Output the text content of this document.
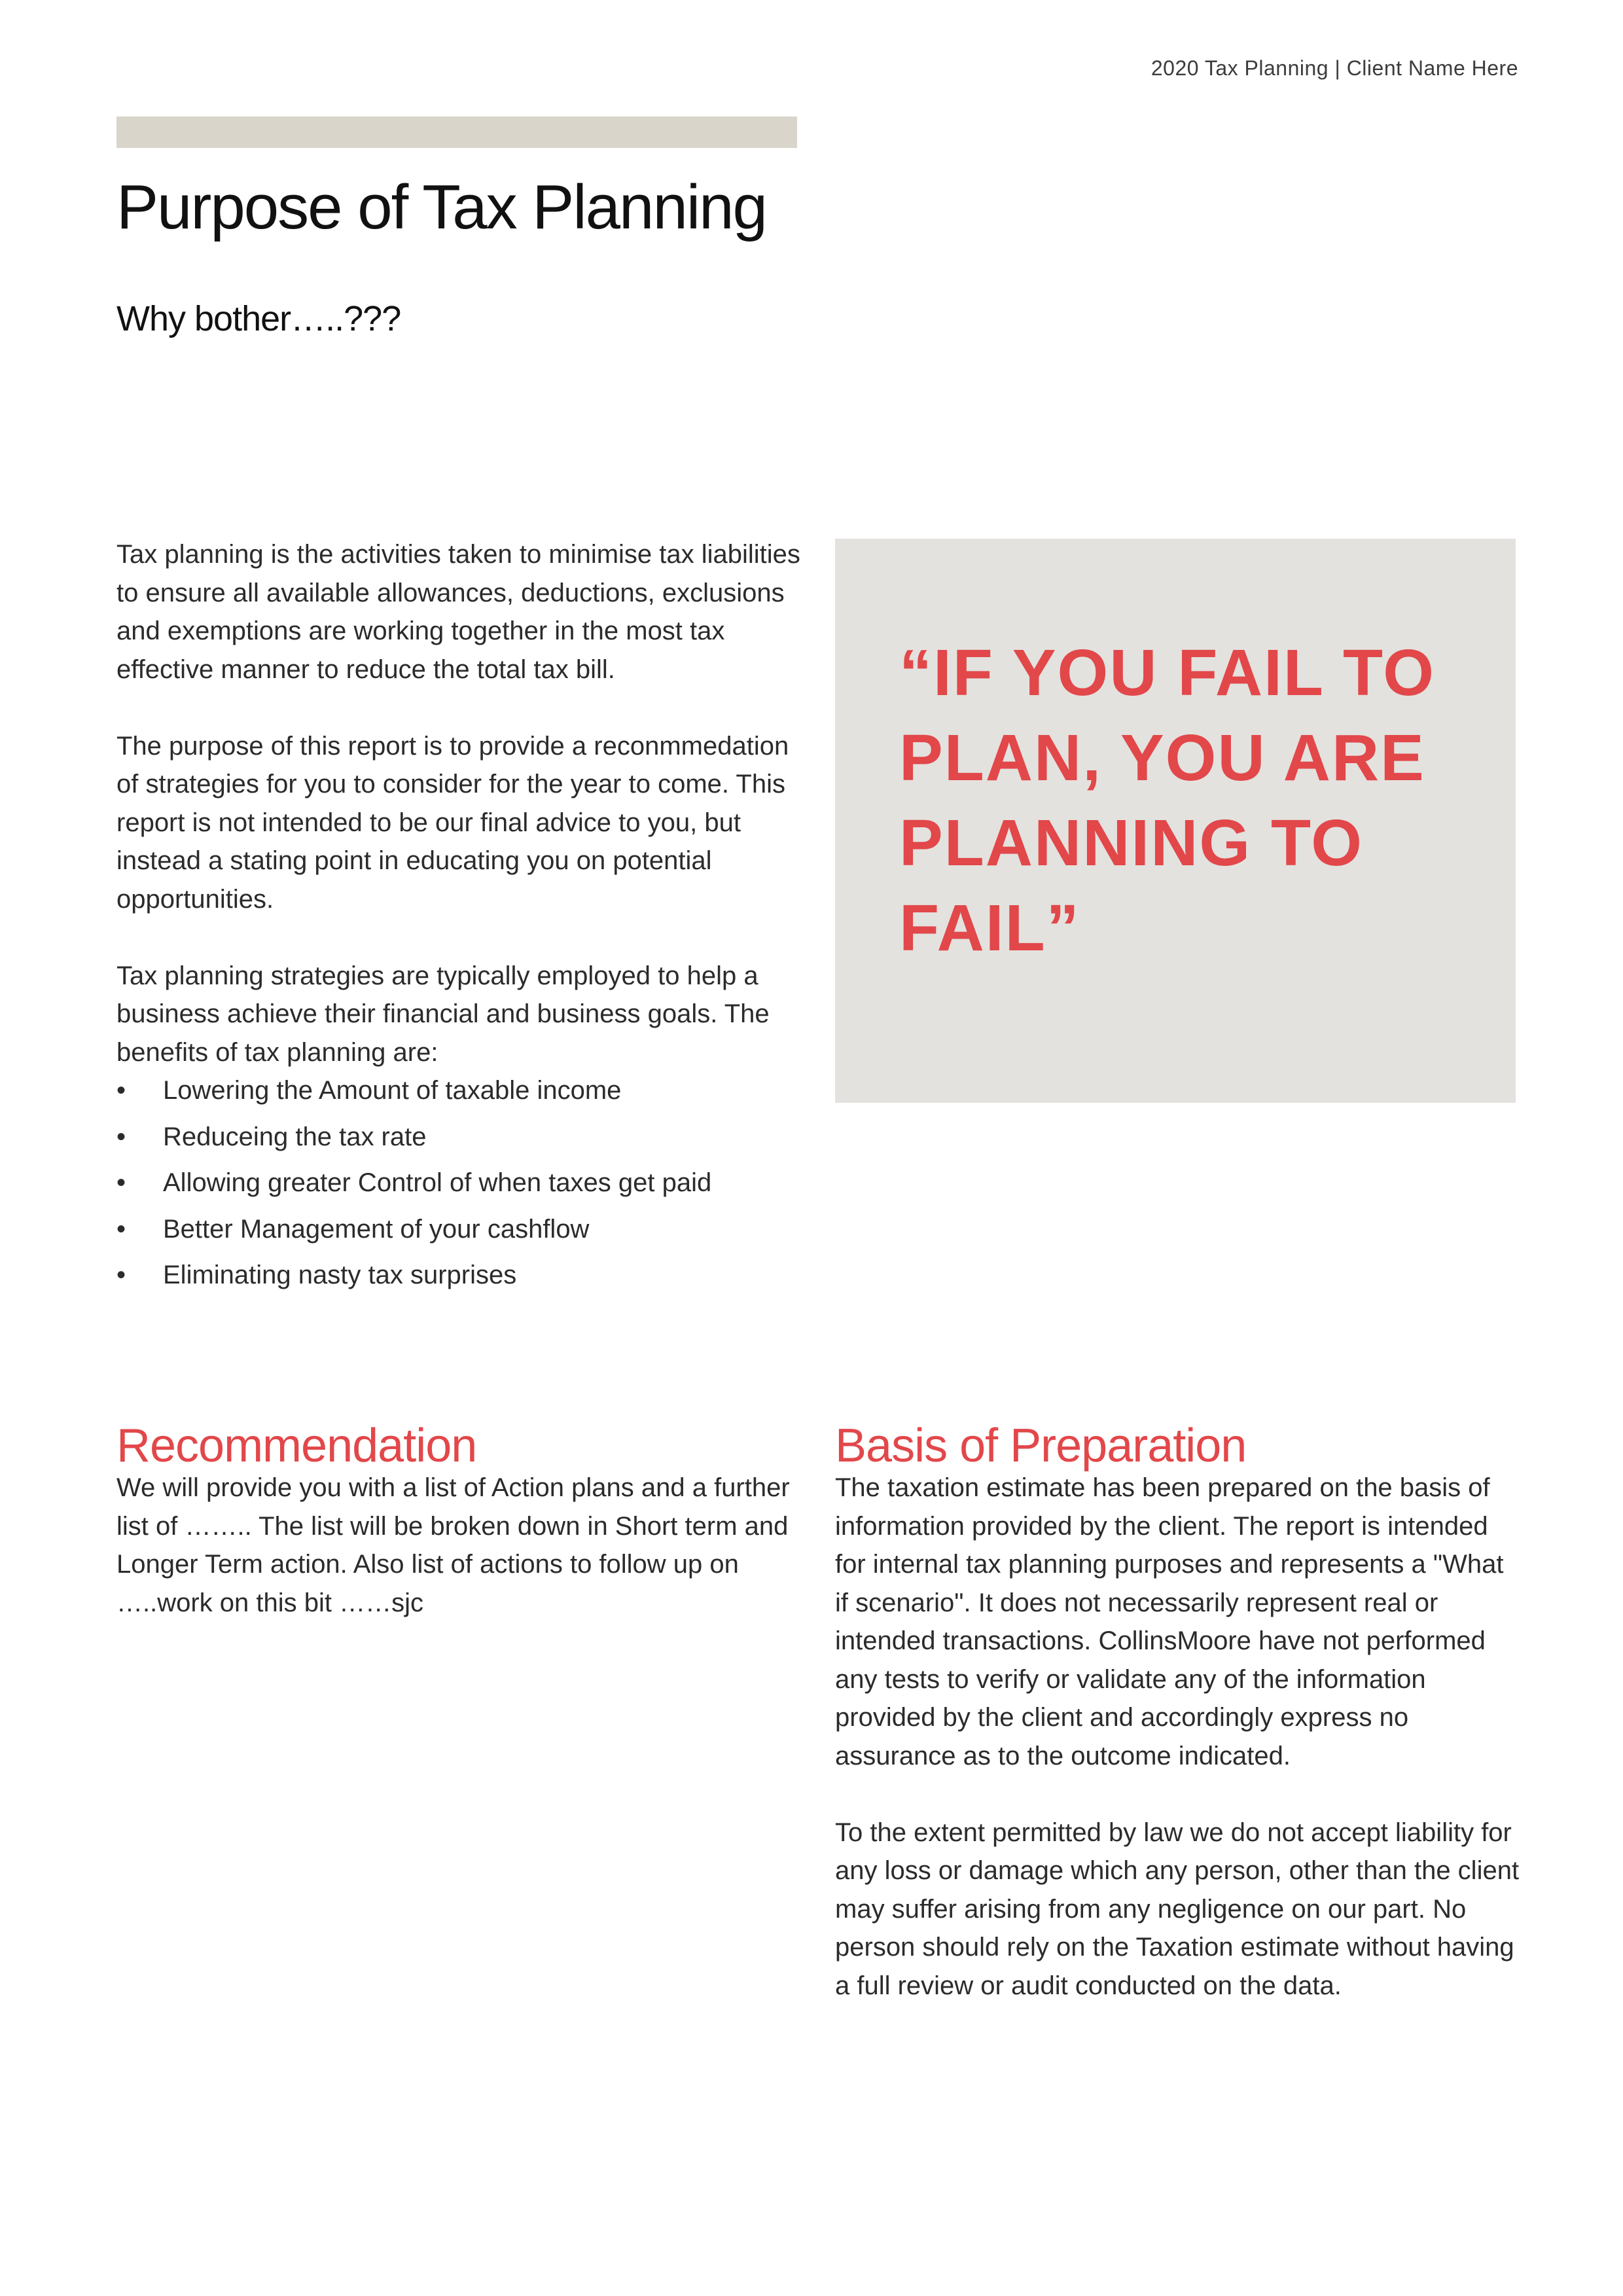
2020 Tax Planning | Client Name Here
Purpose of Tax Planning
Why bother…..???

Tax planning is the activities taken to minimise tax liabilities to ensure all available allowances, deductions, exclusions and exemptions are working together in the most tax effective manner to reduce the total tax bill.

The purpose of this report is to provide a reconmmedation of strategies for you to consider for the year to come. This report is not intended to be our final advice to you, but instead a stating point in educating you on potential opportunities.

Tax planning strategies are typically employed to help a business achieve their financial and business goals. The benefits of tax planning are:

• Lowering the Amount of taxable income
• Reduceing the tax rate
• Allowing greater Control of when taxes get paid
• Better Management of your cashflow
• Eliminating nasty tax surprises

“IF YOU FAIL TO PLAN, YOU ARE PLANNING TO FAIL”

Recommendation
We will provide you with a list of Action plans and a further list of …….. The list will be broken down in Short term and Longer Term action. Also list of actions to follow up on …..work on this bit ……sjc
Basis of Preparation

The taxation estimate has been prepared on the basis of information provided by the client. The report is intended for internal tax planning purposes and represents a "What if scenario". It does not necessarily represent real or intended transactions. CollinsMoore have not performed any tests to verify or validate any of the information provided by the client and accordingly express no assurance as to the outcome indicated.

To the extent permitted by law we do not accept liability for any loss or damage which any person, other than the client may suffer arising from any negligence on our part. No person should rely on the Taxation estimate without having a full review or audit conducted on the data.
